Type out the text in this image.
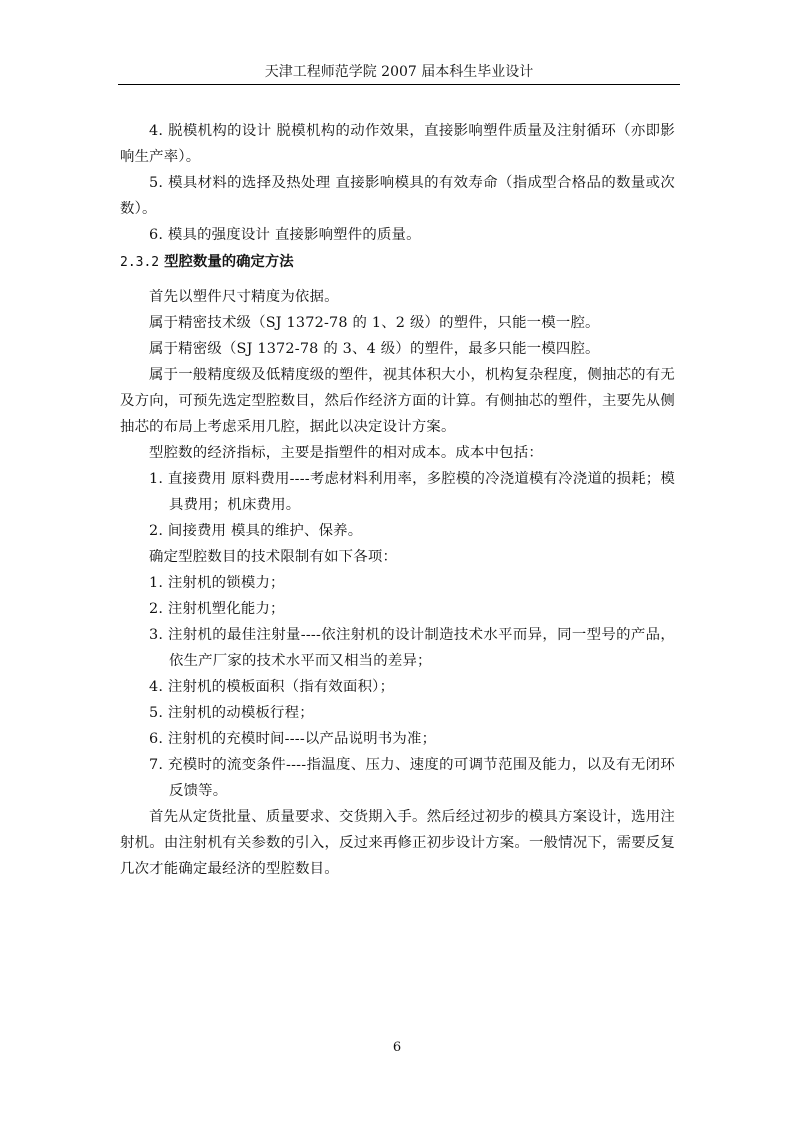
天津工程师范学院 2007 届本科生毕业设计

4. 脱模机构的设计 脱模机构的动作效果，直接影响塑件质量及注射循环（亦即影响生产率）。

5. 模具材料的选择及热处理 直接影响模具的有效寿命（指成型合格品的数量或次数）。

6. 模具的强度设计 直接影响塑件的质量。

2.3.2 型腔数量的确定方法

首先以塑件尺寸精度为依据。

属于精密技术级（SJ 1372-78 的 1、2 级）的塑件，只能一模一腔。

属于精密级（SJ 1372-78 的 3、4 级）的塑件，最多只能一模四腔。

属于一般精度级及低精度级的塑件，视其体积大小，机构复杂程度，侧抽芯的有无及方向，可预先选定型腔数目，然后作经济方面的计算。有侧抽芯的塑件，主要先从侧抽芯的布局上考虑采用几腔，据此以决定设计方案。

型腔数的经济指标，主要是指塑件的相对成本。成本中包括：

1. 直接费用 原料费用----考虑材料利用率，多腔模的冷浇道模有冷浇道的损耗；模具费用；机床费用。

2. 间接费用 模具的维护、保养。

确定型腔数目的技术限制有如下各项：

1. 注射机的锁模力；

2. 注射机塑化能力；

3. 注射机的最佳注射量----依注射机的设计制造技术水平而异，同一型号的产品，依生产厂家的技术水平而又相当的差异；

4. 注射机的模板面积（指有效面积）；

5. 注射机的动模板行程；

6. 注射机的充模时间----以产品说明书为准；

7. 充模时的流变条件----指温度、压力、速度的可调节范围及能力，以及有无闭环反馈等。

首先从定货批量、质量要求、交货期入手。然后经过初步的模具方案设计，选用注射机。由注射机有关参数的引入，反过来再修正初步设计方案。一般情况下，需要反复几次才能确定最经济的型腔数目。

6
